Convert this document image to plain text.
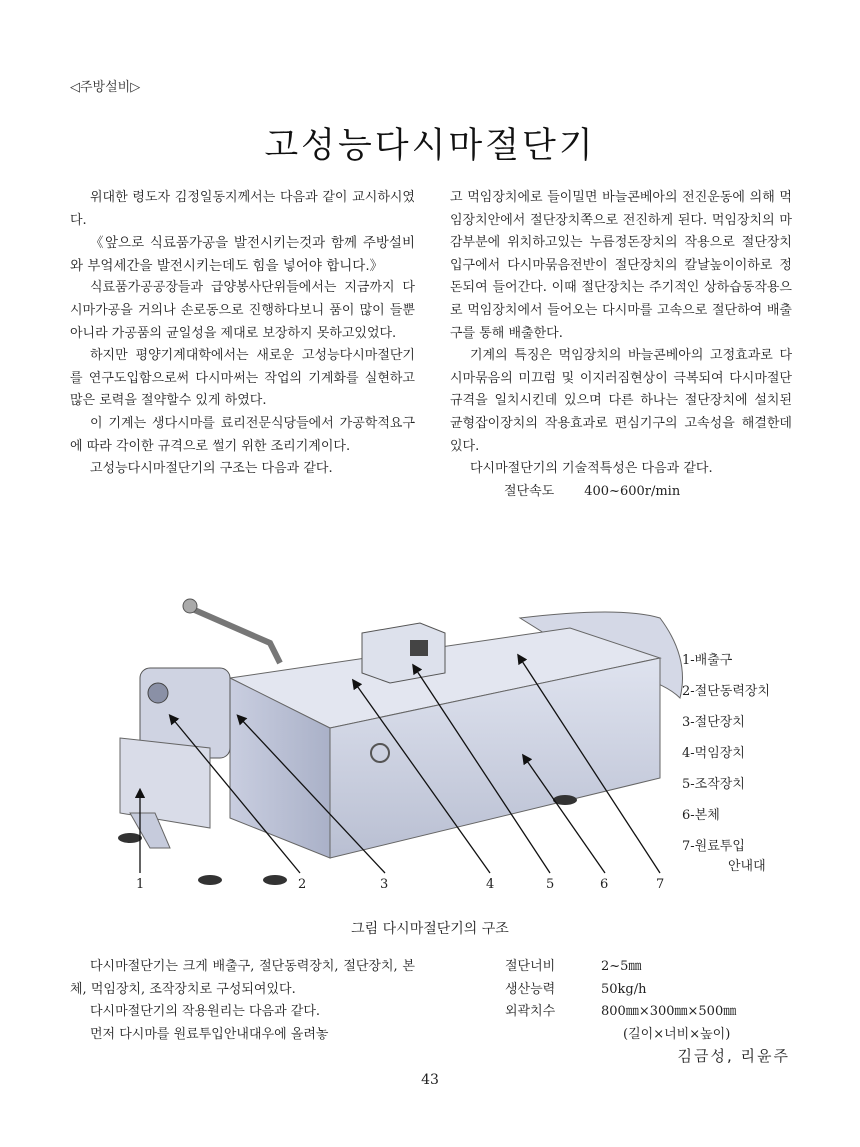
◁주방설비▷
고성능다시마절단기

위대한 령도자 김정일동지께서는 다음과 같이 교시하시였다.

《앞으로 식료품가공을 발전시키는것과 함께 주방설비와 부엌세간을 발전시키는데도 힘을 넣어야 합니다.》

식료품가공공장들과 급양봉사단위들에서는 지금까지 다시마가공을 거의나 손로동으로 진행하다보니 품이 많이 들뿐 아니라 가공품의 균일성을 제대로 보장하지 못하고있었다.

하지만 평양기계대학에서는 새로운 고성능다시마절단기를 연구도입함으로써 다시마써는 작업의 기계화를 실현하고 많은 로력을 절약할수 있게 하였다.

이 기계는 생다시마를 료리전문식당들에서 가공학적요구에 따라 각이한 규격으로 썰기 위한 조리기계이다.

고성능다시마절단기의 구조는 다음과 같다.

고 먹임장치에로 들이밀면 바늘콘베아의 전진운동에 의해 먹임장치안에서 절단장치쪽으로 전진하게 된다. 먹임장치의 마감부분에 위치하고있는 누름정돈장치의 작용으로 절단장치입구에서 다시마묶음전반이 절단장치의 칼날높이이하로 정돈되여 들어간다. 이때 절단장치는 주기적인 상하습동작용으로 먹임장치에서 들어오는 다시마를 고속으로 절단하여 배출구를 통해 배출한다.

기계의 특징은 먹임장치의 바늘콘베아의 고정효과로 다시마묶음의 미끄럼 및 이지러짐현상이 극복되여 다시마절단규격을 일치시킨데 있으며 다른 하나는 절단장치에 설치된 균형잡이장치의 작용효과로 편심기구의 고속성을 해결한데 있다.

다시마절단기의 기술적특성은 다음과 같다.

절단속도 400~600r/min
1	2	3	4	5	6	7
1-배출구
2-절단동력장치
3-절단장치
4-먹임장치
5-조작장치
6-본체
7-원료투입
안내대
그림 다시마절단기의 구조

다시마절단기는 크게 배출구, 절단동력장치, 절단장치, 본체, 먹임장치, 조작장치로 구성되여있다.

다시마절단기의 작용원리는 다음과 같다.

먼저 다시마를 원료투입안내대우에 올려놓

절단너비	2~5㎜
생산능력	50kg/h
외곽치수	800㎜×300㎜×500㎜
(길이×너비×높이)
김금성, 리윤주
43
